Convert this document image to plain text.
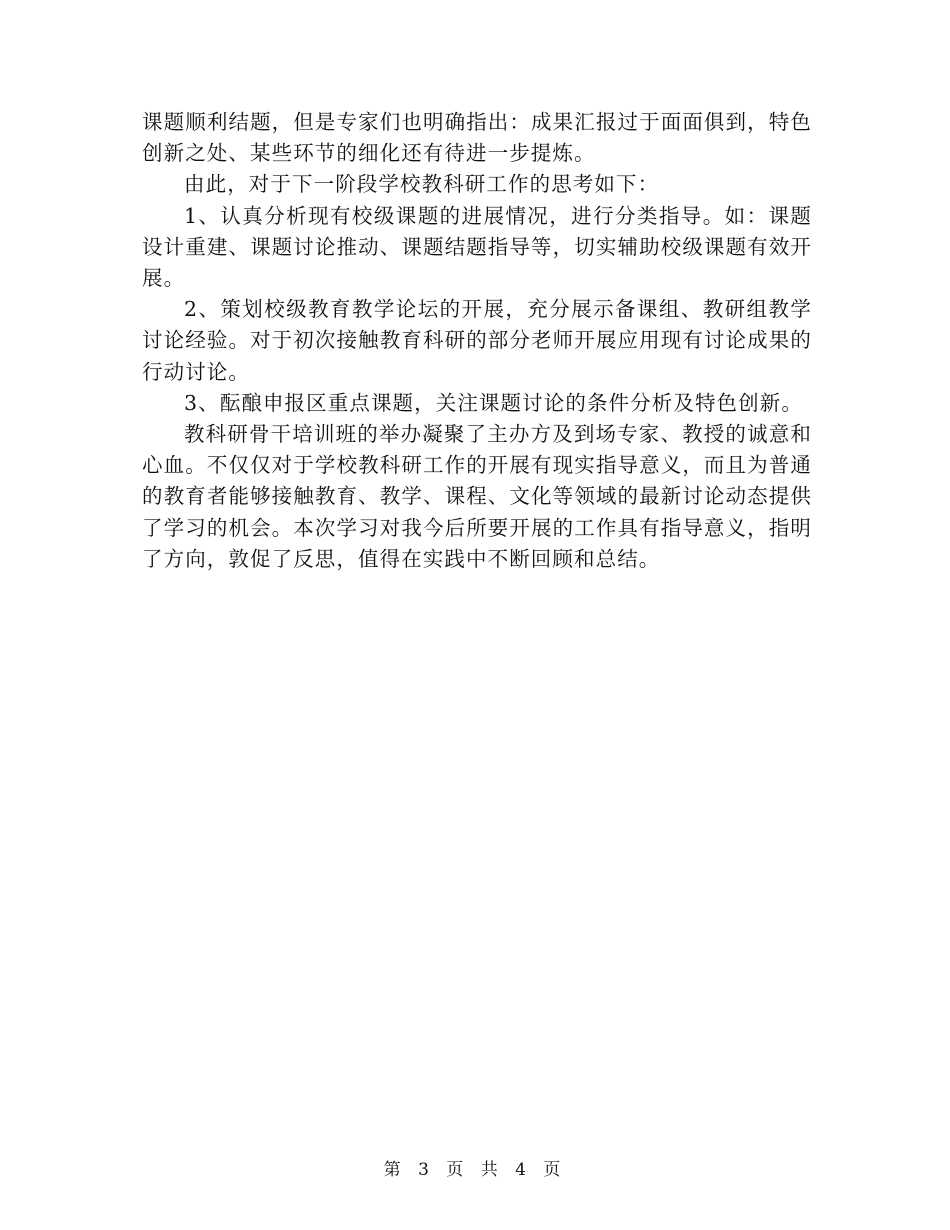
课题顺利结题，但是专家们也明确指出：成果汇报过于面面俱到，特色创新之处、某些环节的细化还有待进一步提炼。

由此，对于下一阶段学校教科研工作的思考如下：

1、认真分析现有校级课题的进展情况，进行分类指导。如：课题设计重建、课题讨论推动、课题结题指导等，切实辅助校级课题有效开展。

2、策划校级教育教学论坛的开展，充分展示备课组、教研组教学讨论经验。对于初次接触教育科研的部分老师开展应用现有讨论成果的行动讨论。

3、酝酿申报区重点课题，关注课题讨论的条件分析及特色创新。

教科研骨干培训班的举办凝聚了主办方及到场专家、教授的诚意和心血。不仅仅对于学校教科研工作的开展有现实指导意义，而且为普通的教育者能够接触教育、教学、课程、文化等领域的最新讨论动态提供了学习的机会。本次学习对我今后所要开展的工作具有指导意义，指明了方向，敦促了反思，值得在实践中不断回顾和总结。

第 3 页 共 4 页
